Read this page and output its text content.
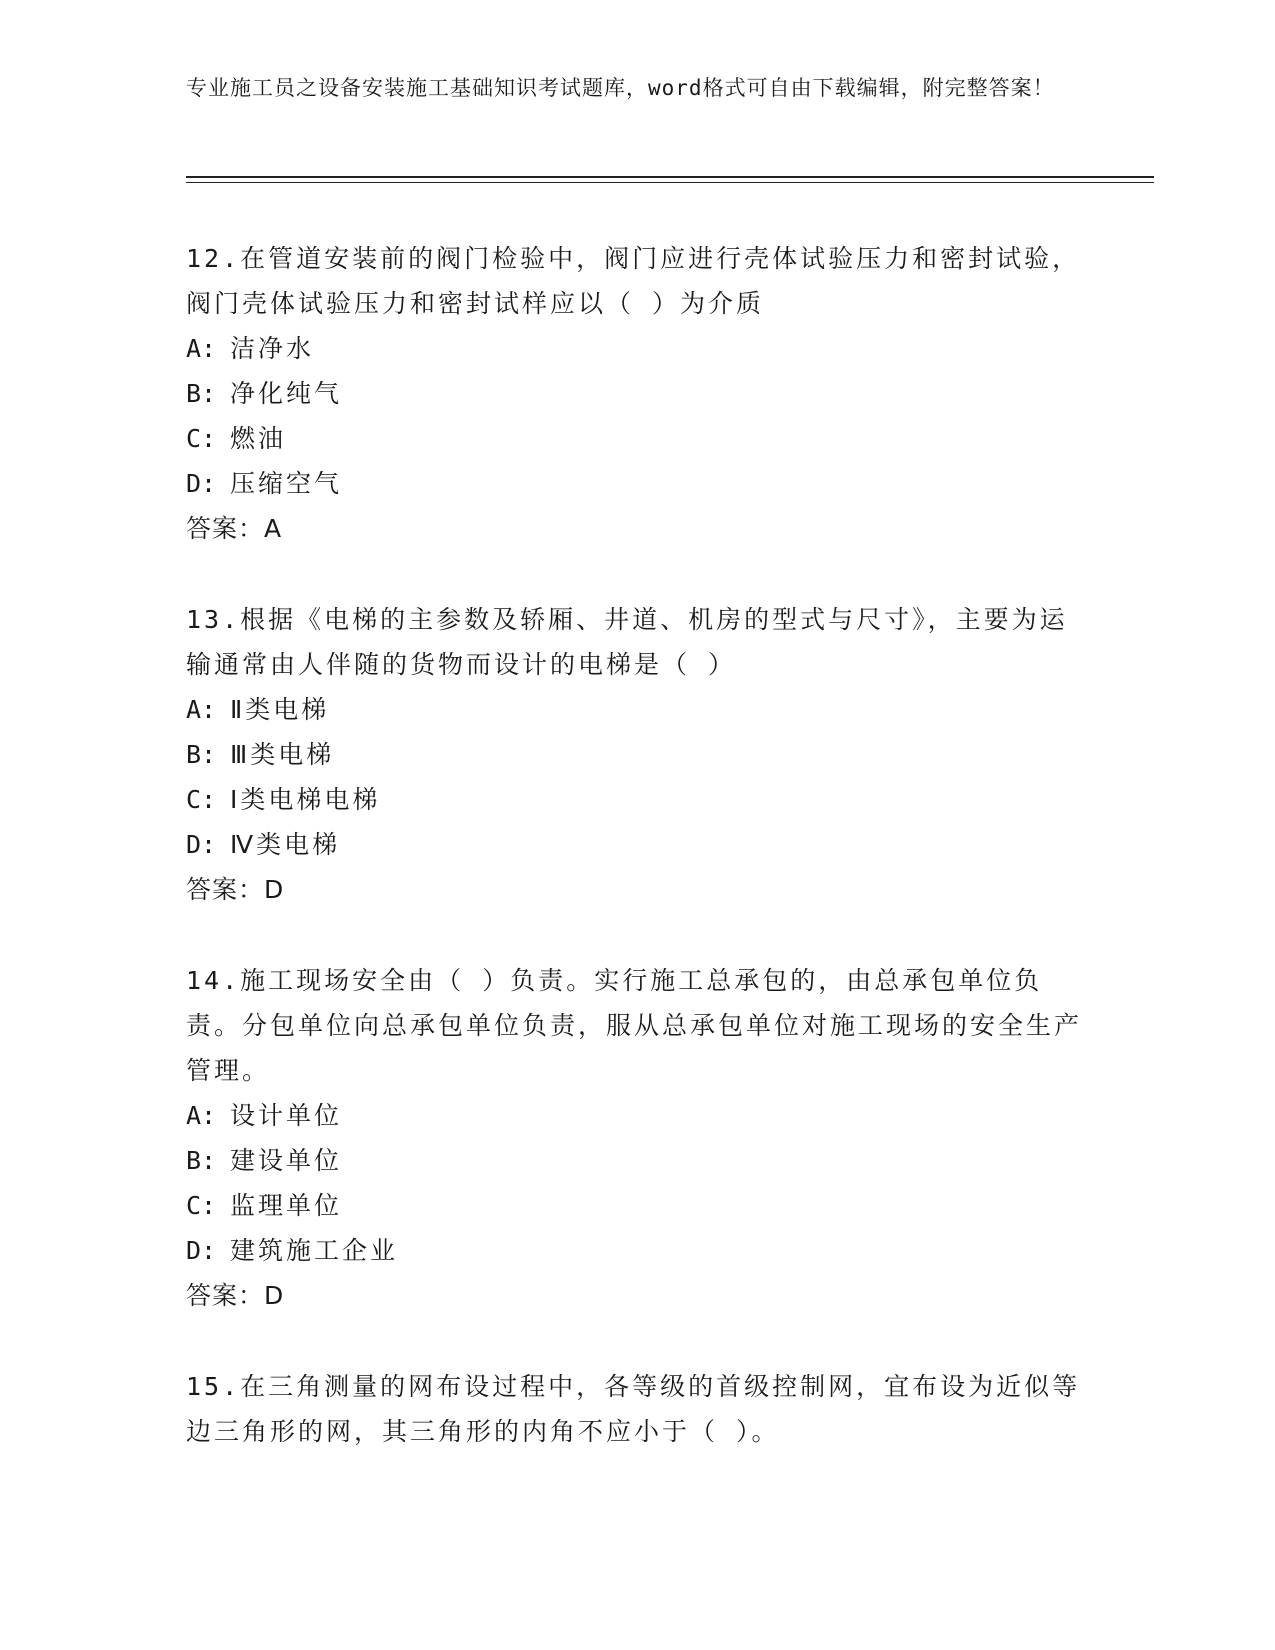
专业施工员之设备安装施工基础知识考试题库，word格式可自由下载编辑，附完整答案！

12.在管道安装前的阀门检验中，阀门应进行壳体试验压力和密封试验，阀门壳体试验压力和密封试样应以（ ）为介质

A: 洁净水

B: 净化纯气

C: 燃油

D: 压缩空气

答案：A

13.根据《电梯的主参数及轿厢、井道、机房的型式与尺寸》，主要为运输通常由人伴随的货物而设计的电梯是（ ）

A: Ⅱ类电梯

B: Ⅲ类电梯

C: Ⅰ类电梯电梯

D: Ⅳ类电梯

答案：D

14.施工现场安全由（ ）负责。实行施工总承包的，由总承包单位负责。分包单位向总承包单位负责，服从总承包单位对施工现场的安全生产管理。

A: 设计单位

B: 建设单位

C: 监理单位

D: 建筑施工企业

答案：D

15.在三角测量的网布设过程中，各等级的首级控制网，宜布设为近似等边三角形的网，其三角形的内角不应小于（ ）。
